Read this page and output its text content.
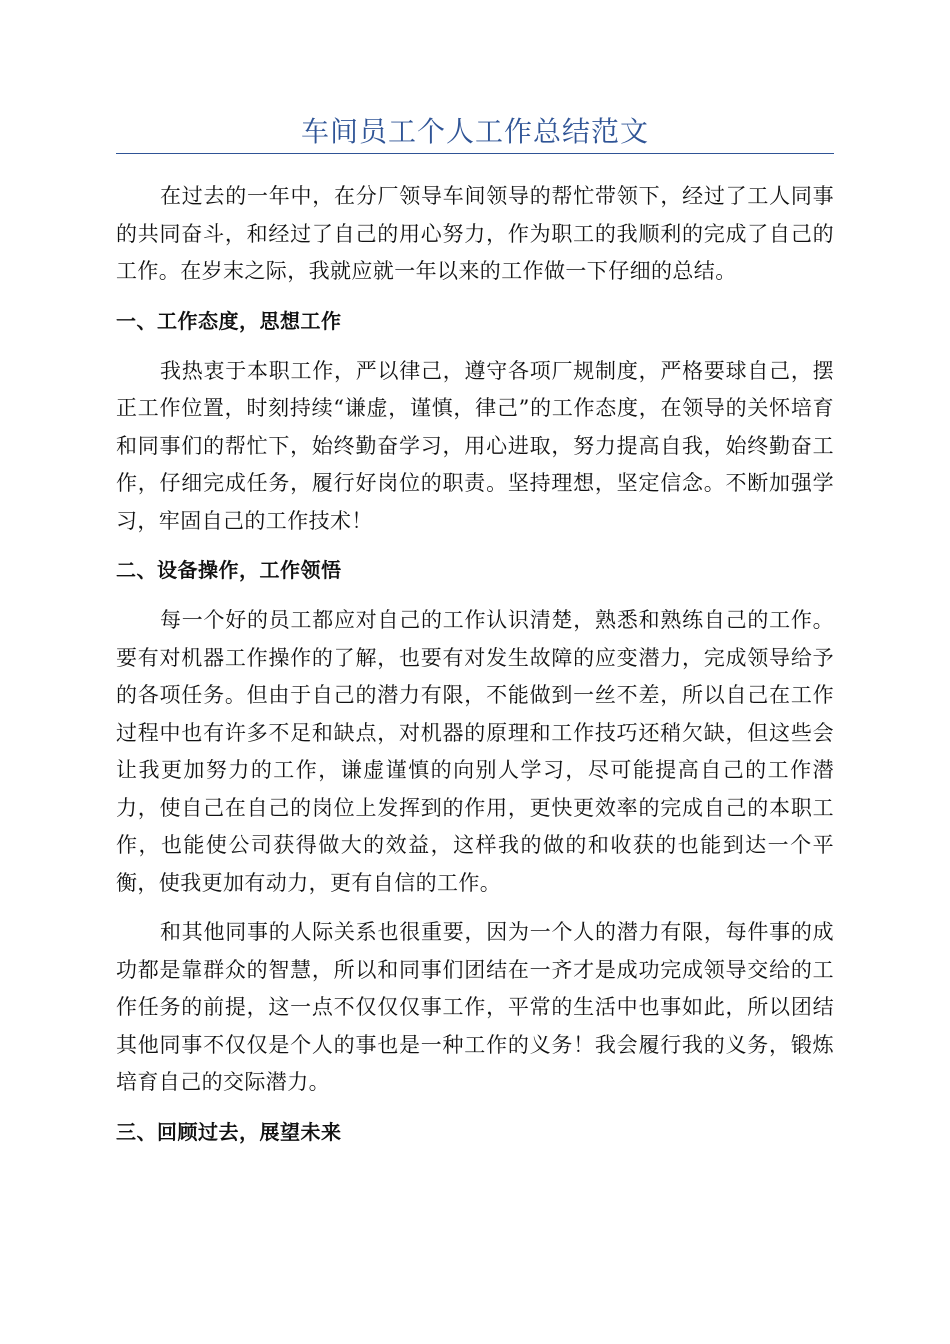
车间员工个人工作总结范文

在过去的一年中，在分厂领导车间领导的帮忙带领下，经过了工人同事的共同奋斗，和经过了自己的用心努力，作为职工的我顺利的完成了自己的工作。在岁末之际，我就应就一年以来的工作做一下仔细的总结。

一、工作态度，思想工作

我热衷于本职工作，严以律己，遵守各项厂规制度，严格要球自己，摆正工作位置，时刻持续“谦虚，谨慎，律己”的工作态度，在领导的关怀培育和同事们的帮忙下，始终勤奋学习，用心进取，努力提高自我，始终勤奋工作，仔细完成任务，履行好岗位的职责。坚持理想，坚定信念。不断加强学习，牢固自己的工作技术！

二、设备操作，工作领悟

每一个好的员工都应对自己的工作认识清楚，熟悉和熟练自己的工作。要有对机器工作操作的了解，也要有对发生故障的应变潜力，完成领导给予的各项任务。但由于自己的潜力有限，不能做到一丝不差，所以自己在工作过程中也有许多不足和缺点，对机器的原理和工作技巧还稍欠缺，但这些会让我更加努力的工作，谦虚谨慎的向别人学习，尽可能提高自己的工作潜力，使自己在自己的岗位上发挥到的作用，更快更效率的完成自己的本职工作，也能使公司获得做大的效益，这样我的做的和收获的也能到达一个平衡，使我更加有动力，更有自信的工作。

和其他同事的人际关系也很重要，因为一个人的潜力有限，每件事的成功都是靠群众的智慧，所以和同事们团结在一齐才是成功完成领导交给的工作任务的前提，这一点不仅仅仅事工作，平常的生活中也事如此，所以团结其他同事不仅仅是个人的事也是一种工作的义务！我会履行我的义务，锻炼培育自己的交际潜力。

三、回顾过去，展望未来
